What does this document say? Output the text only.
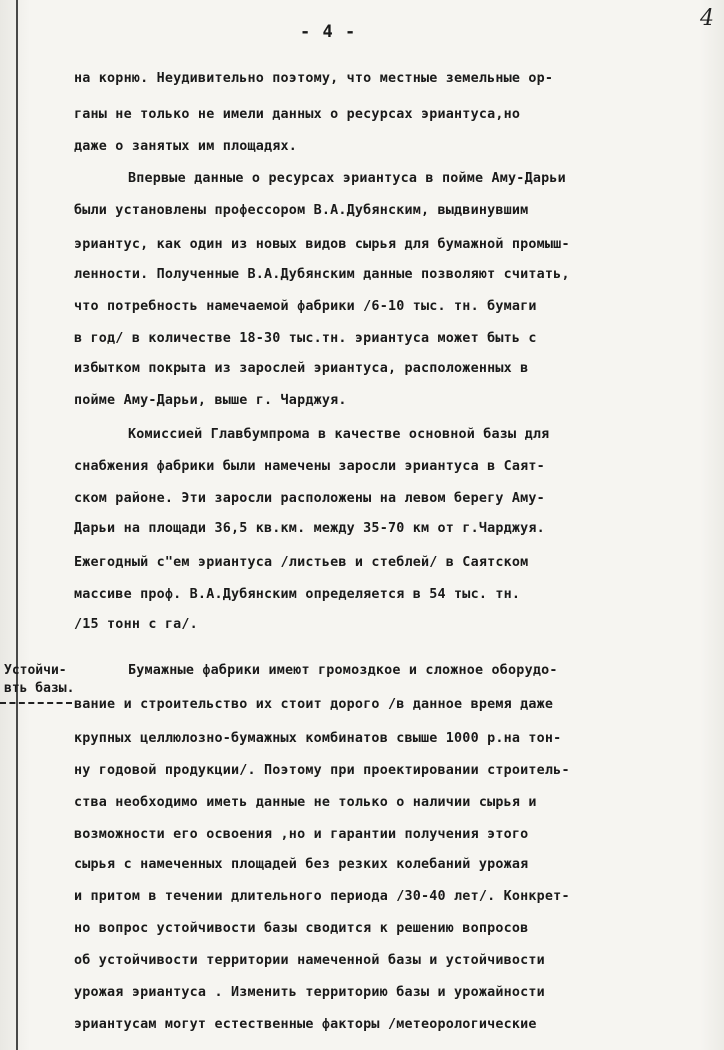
- 4 -
4
на корню. Неудивительно поэтому, что местные земельные ор-
ганы не только не имели данных о ресурсах эриантуса,но
даже о занятых им площадях.
Впервые данные о ресурсах эриантуса в пойме Аму-Дарьи
были установлены профессором В.А.Дубянским, выдвинувшим
эриантус, как один из новых видов сырья для бумажной промыш-
ленности. Полученные В.А.Дубянским данные позволяют считать,
что потребность намечаемой фабрики /6-10 тыс. тн. бумаги
в год/ в количестве 18-30 тыс.тн. эриантуса может быть с
избытком покрыта из зарослей эриантуса, расположенных в
пойме Аму-Дарьи, выше г. Чарджуя.
Комиссией Главбумпрома в качестве основной базы для
снабжения фабрики были намечены заросли эриантуса в Саят-
ском районе. Эти заросли расположены на левом берегу Аму-
Дарьи на площади 36,5 кв.км. между 35-70 км от г.Чарджуя.
Ежегодный с"ем эриантуса /листьев и стеблей/ в Саятском
массиве проф. В.А.Дубянским определяется в 54 тыс. тн.
/15 тонн с га/.
Устойчи-
вть базы.
Бумажные фабрики имеют громоздкое и сложное оборудо-
вание и строительство их стоит дорого /в данное время даже
крупных целлюлозно-бумажных комбинатов свыше 1000 р.на тон-
ну годовой продукции/. Поэтому при проектировании строитель-
ства необходимо иметь данные не только о наличии сырья и
возможности его освоения ,но и гарантии получения этого
сырья с намеченных площадей без резких колебаний урожая
и притом в течении длительного периода /30-40 лет/. Конкрет-
но вопрос устойчивости базы сводится к решению вопросов
об устойчивости территории намеченной базы и устойчивости
урожая эриантуса . Изменить территорию базы и урожайности
эриантусам могут естественные факторы /метеорологические
